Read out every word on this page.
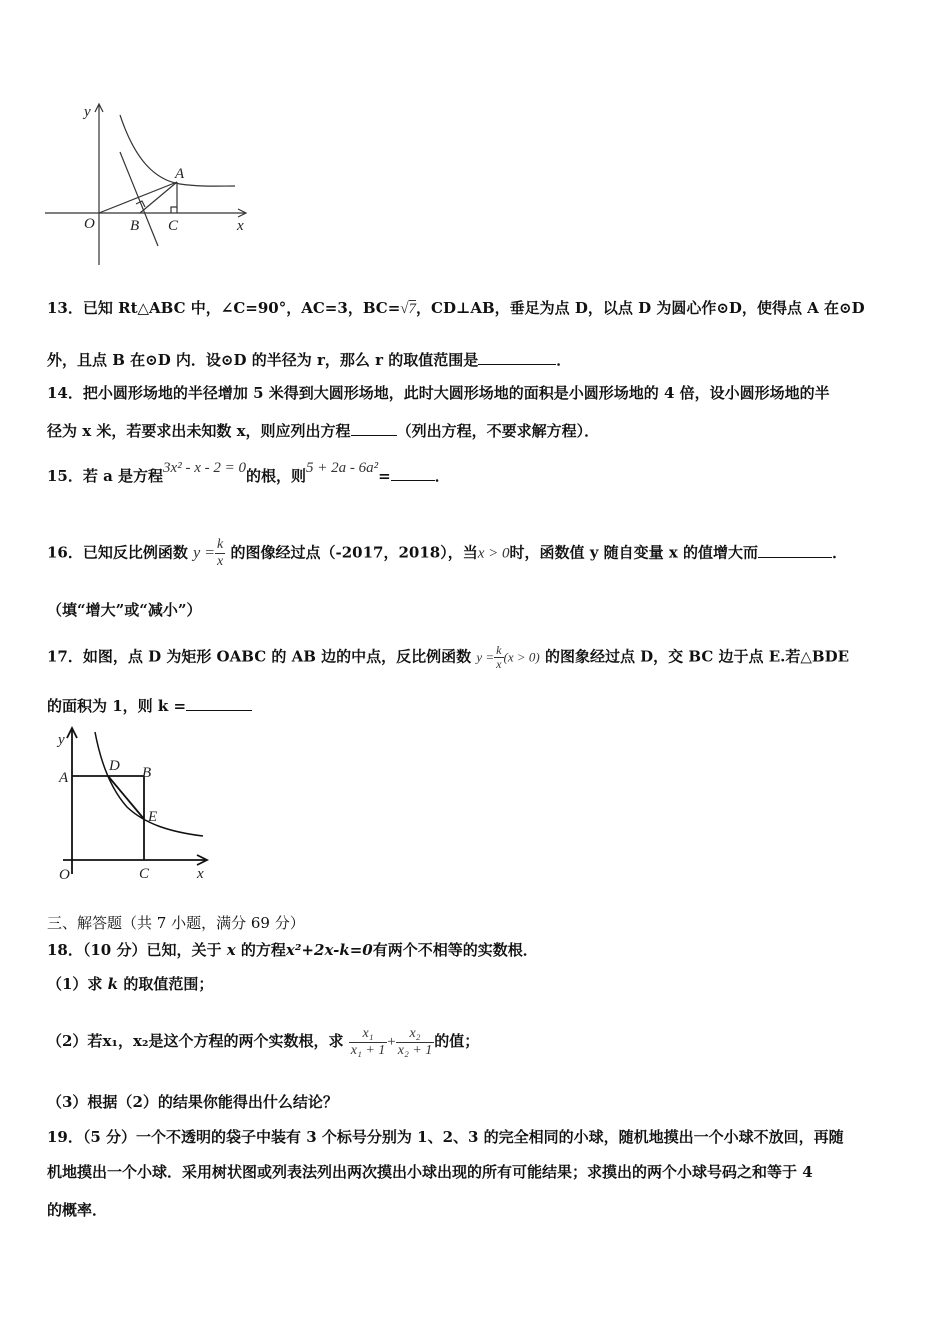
y
O B C
A
x
13．已知 Rt△ABC 中，∠C=90°，AC=3，BC=√7，CD⊥AB，垂足为点 D，以点 D 为圆心作⊙D，使得点 A 在⊙D
外，且点 B 在⊙D 内．设⊙D 的半径为 r，那么 r 的取值范围是	．
14．把小圆形场地的半径增加 5 米得到大圆形场地，此时大圆形场地的面积是小圆形场地的 4 倍，设小圆形场地的半
径为 x 米，若要求出未知数 x，则应列出方程	（列出方程，不要求解方程）．
15．若 a 是方程3x² - x - 2 = 0的根，则5 + 2a - 6a²=	．
16．已知反比例函数 $y = \frac{k}{x}$ 的图像经过点（-2017，2018），当x > 0时，函数值 y 随自变量 x 的值增大而	．
（填“增大”或“减小”）
17．如图，点 D 为矩形 OABC 的 AB 边的中点，反比例函数 $y = \frac{k}{x} (x > 0)$ 的图象经过点 D，交 BC 边于点 E.若△BDE
的面积为 1，则 k =
y
A
D B
E
O	C	x
三、解答题（共 7 小题，满分 69 分）
18．（10 分）已知，关于 x 的方程x²+2x-k=0有两个不相等的实数根．
（1）求 k 的取值范围；
（2）若x₁，x₂是这个方程的两个实数根，求 $\frac{\text{x₁}}{\text{x₁ + 1}} + \frac{\text{x₂}}{\text{x₂ + 1}}$ 的值；
（3）根据（2）的结果你能得出什么结论？
19．（5 分）一个不透明的袋子中装有 3 个标号分别为 1、2、3 的完全相同的小球，随机地摸出一个小球不放回，再随
机地摸出一个小球．采用树状图或列表法列出两次摸出小球出现的所有可能结果；求摸出的两个小球号码之和等于 4
的概率．
